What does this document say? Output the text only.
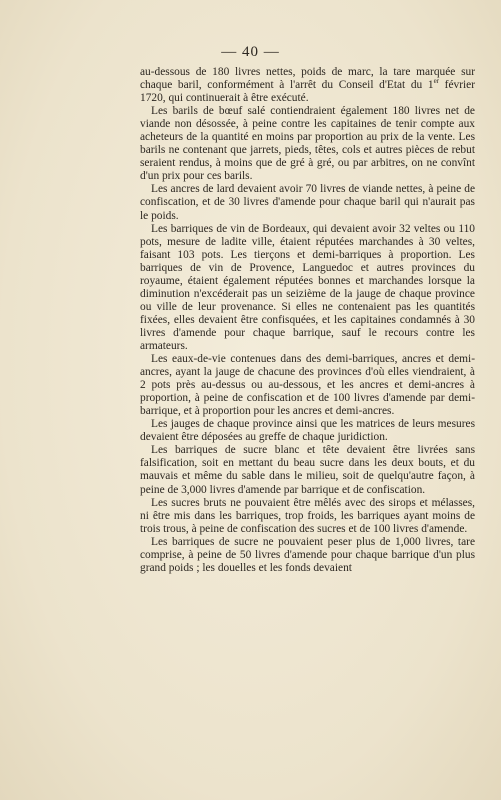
— 40 —

au-dessous de 180 livres nettes, poids de marc, la tare marquée sur chaque baril, conformément à l'arrêt du Conseil d'Etat du 1er février 1720, qui continuerait à être exécuté.

Les barils de bœuf salé contiendraient également 180 livres net de viande non désossée, à peine contre les capitaines de tenir compte aux acheteurs de la quantité en moins par proportion au prix de la vente. Les barils ne contenant que jarrets, pieds, têtes, cols et autres pièces de rebut seraient rendus, à moins que de gré à gré, ou par arbitres, on ne convînt d'un prix pour ces barils.

Les ancres de lard devaient avoir 70 livres de viande nettes, à peine de confiscation, et de 30 livres d'amende pour chaque baril qui n'aurait pas le poids.

Les barriques de vin de Bordeaux, qui devaient avoir 32 veltes ou 110 pots, mesure de ladite ville, étaient réputées marchandes à 30 veltes, faisant 103 pots. Les tierçons et demi-barriques à proportion. Les barriques de vin de Provence, Languedoc et autres provinces du royaume, étaient également réputées bonnes et marchandes lorsque la diminution n'excéderait pas un seizième de la jauge de chaque province ou ville de leur provenance. Si elles ne contenaient pas les quantités fixées, elles devaient être confisquées, et les capitaines condamnés à 30 livres d'amende pour chaque barrique, sauf le recours contre les armateurs.

Les eaux-de-vie contenues dans des demi-barriques, ancres et demi-ancres, ayant la jauge de chacune des provinces d'où elles viendraient, à 2 pots près au-dessus ou au-dessous, et les ancres et demi-ancres à proportion, à peine de confiscation et de 100 livres d'amende par demi-barrique, et à proportion pour les ancres et demi-ancres.

Les jauges de chaque province ainsi que les matrices de leurs mesures devaient être déposées au greffe de chaque juridiction.

Les barriques de sucre blanc et tête devaient être livrées sans falsification, soit en mettant du beau sucre dans les deux bouts, et du mauvais et même du sable dans le milieu, soit de quelqu'autre façon, à peine de 3,000 livres d'amende par barrique et de confiscation.

Les sucres bruts ne pouvaient être mêlés avec des sirops et mélasses, ni être mis dans les barriques, trop froids, les barriques ayant moins de trois trous, à peine de confiscation des sucres et de 100 livres d'amende.

Les barriques de sucre ne pouvaient peser plus de 1,000 livres, tare comprise, à peine de 50 livres d'amende pour chaque barrique d'un plus grand poids ; les douelles et les fonds devaient
